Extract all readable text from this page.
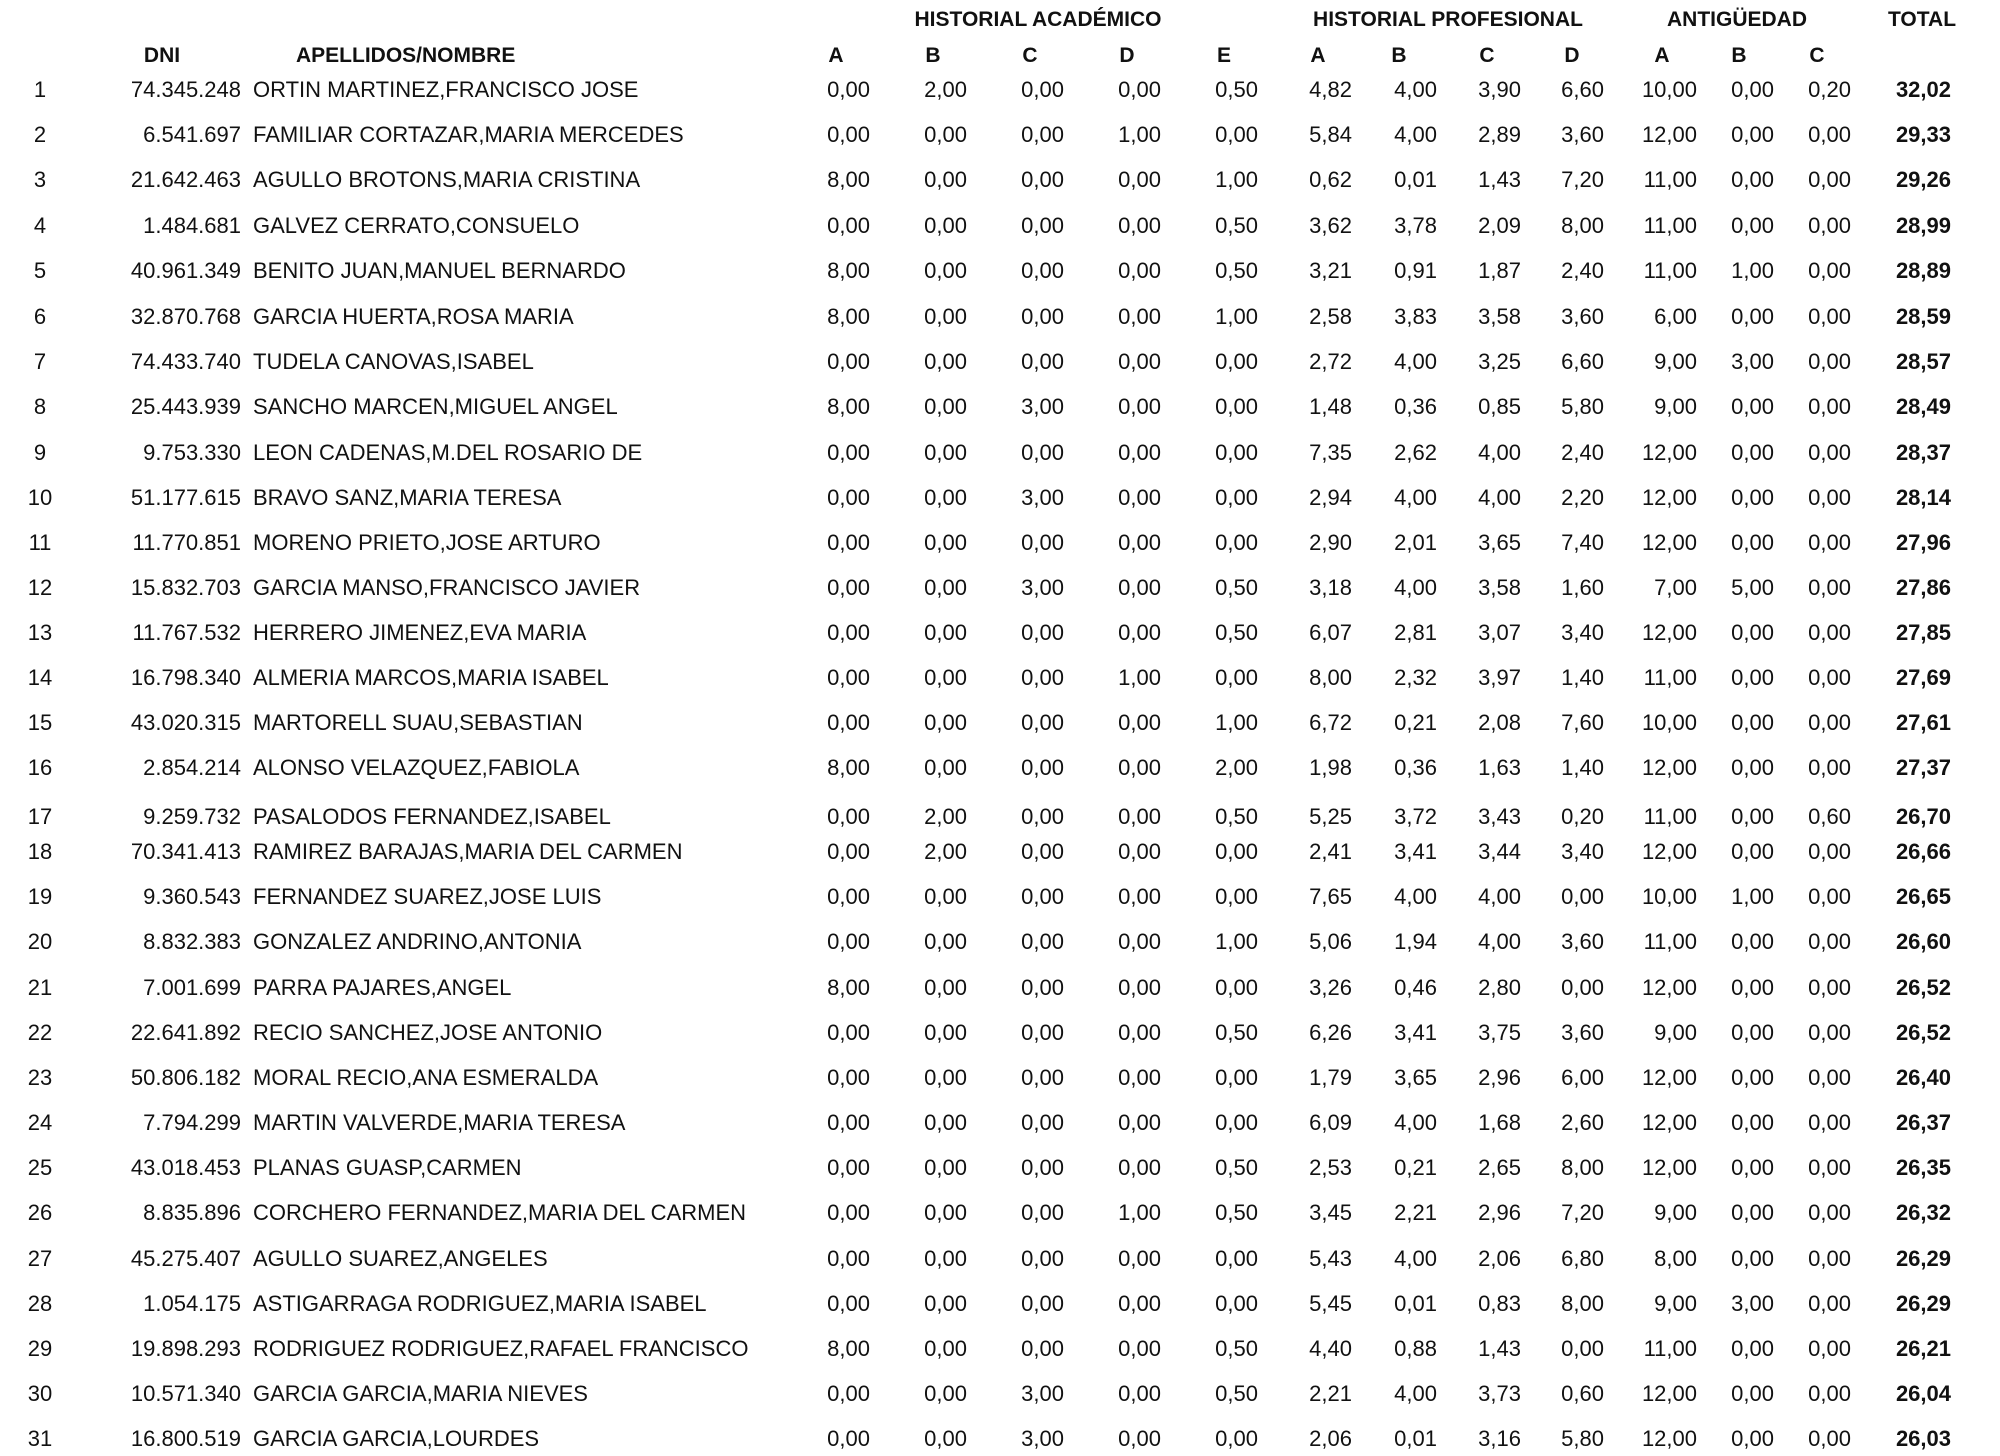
HISTORIAL ACADÉMICO	HISTORIAL PROFESIONAL	ANTIGÜEDAD	TOTAL
DNI	APELLIDOS/NOMBRE	A	B	C	D	E	A	B	C	D	A	B	C
1	74.345.248 ORTIN MARTINEZ,FRANCISCO JOSE	0,00 2,00 0,00 0,00 0,50 4,82 4,00 3,90 6,60 10,00 0,00 0,20 32,02
2	6.541.697 FAMILIAR CORTAZAR,MARIA MERCEDES	0,00 0,00 0,00 1,00 0,00 5,84 4,00 2,89 3,60 12,00 0,00 0,00 29,33
3	21.642.463 AGULLO BROTONS,MARIA CRISTINA	8,00 0,00 0,00 0,00 1,00 0,62 0,01 1,43 7,20 11,00 0,00 0,00 29,26
4	1.484.681 GALVEZ CERRATO,CONSUELO	0,00 0,00 0,00 0,00 0,50 3,62 3,78 2,09 8,00 11,00 0,00 0,00 28,99
5	40.961.349 BENITO JUAN,MANUEL BERNARDO	8,00 0,00 0,00 0,00 0,50 3,21 0,91 1,87 2,40 11,00 1,00 0,00 28,89
6	32.870.768 GARCIA HUERTA,ROSA MARIA	8,00 0,00 0,00 0,00 1,00 2,58 3,83 3,58 3,60 6,00 0,00 0,00 28,59
7	74.433.740 TUDELA CANOVAS,ISABEL	0,00 0,00 0,00 0,00 0,00 2,72 4,00 3,25 6,60 9,00 3,00 0,00 28,57
8	25.443.939 SANCHO MARCEN,MIGUEL ANGEL	8,00 0,00 3,00 0,00 0,00 1,48 0,36 0,85 5,80 9,00 0,00 0,00 28,49
9	9.753.330 LEON CADENAS,M.DEL ROSARIO DE	0,00 0,00 0,00 0,00 0,00 7,35 2,62 4,00 2,40 12,00 0,00 0,00 28,37
10	51.177.615 BRAVO SANZ,MARIA TERESA	0,00 0,00 3,00 0,00 0,00 2,94 4,00 4,00 2,20 12,00 0,00 0,00 28,14
11	11.770.851 MORENO PRIETO,JOSE ARTURO	0,00 0,00 0,00 0,00 0,00 2,90 2,01 3,65 7,40 12,00 0,00 0,00 27,96
12	15.832.703 GARCIA MANSO,FRANCISCO JAVIER	0,00 0,00 3,00 0,00 0,50 3,18 4,00 3,58 1,60 7,00 5,00 0,00 27,86
13	11.767.532 HERRERO JIMENEZ,EVA MARIA	0,00 0,00 0,00 0,00 0,50 6,07 2,81 3,07 3,40 12,00 0,00 0,00 27,85
14	16.798.340 ALMERIA MARCOS,MARIA ISABEL	0,00 0,00 0,00 1,00 0,00 8,00 2,32 3,97 1,40 11,00 0,00 0,00 27,69
15	43.020.315 MARTORELL SUAU,SEBASTIAN	0,00 0,00 0,00 0,00 1,00 6,72 0,21 2,08 7,60 10,00 0,00 0,00 27,61
16	2.854.214 ALONSO VELAZQUEZ,FABIOLA	8,00 0,00 0,00 0,00 2,00 1,98 0,36 1,63 1,40 12,00 0,00 0,00 27,37
17	9.259.732 PASALODOS FERNANDEZ,ISABEL	0,00 2,00 0,00 0,00 0,50 5,25 3,72 3,43 0,20 11,00 0,00 0,60 26,70
18	70.341.413 RAMIREZ BARAJAS,MARIA DEL CARMEN	0,00 2,00 0,00 0,00 0,00 2,41 3,41 3,44 3,40 12,00 0,00 0,00 26,66
19	9.360.543 FERNANDEZ SUAREZ,JOSE LUIS	0,00 0,00 0,00 0,00 0,00 7,65 4,00 4,00 0,00 10,00 1,00 0,00 26,65
20	8.832.383 GONZALEZ ANDRINO,ANTONIA	0,00 0,00 0,00 0,00 1,00 5,06 1,94 4,00 3,60 11,00 0,00 0,00 26,60
21	7.001.699 PARRA PAJARES,ANGEL	8,00 0,00 0,00 0,00 0,00 3,26 0,46 2,80 0,00 12,00 0,00 0,00 26,52
22	22.641.892 RECIO SANCHEZ,JOSE ANTONIO	0,00 0,00 0,00 0,00 0,50 6,26 3,41 3,75 3,60 9,00 0,00 0,00 26,52
23	50.806.182 MORAL RECIO,ANA ESMERALDA	0,00 0,00 0,00 0,00 0,00 1,79 3,65 2,96 6,00 12,00 0,00 0,00 26,40
24	7.794.299 MARTIN VALVERDE,MARIA TERESA	0,00 0,00 0,00 0,00 0,00 6,09 4,00 1,68 2,60 12,00 0,00 0,00 26,37
25	43.018.453 PLANAS GUASP,CARMEN	0,00 0,00 0,00 0,00 0,50 2,53 0,21 2,65 8,00 12,00 0,00 0,00 26,35
26	8.835.896 CORCHERO FERNANDEZ,MARIA DEL CARMEN	0,00 0,00 0,00 1,00 0,50 3,45 2,21 2,96 7,20 9,00 0,00 0,00 26,32
27	45.275.407 AGULLO SUAREZ,ANGELES	0,00 0,00 0,00 0,00 0,00 5,43 4,00 2,06 6,80 8,00 0,00 0,00 26,29
28	1.054.175 ASTIGARRAGA RODRIGUEZ,MARIA ISABEL	0,00 0,00 0,00 0,00 0,00 5,45 0,01 0,83 8,00 9,00 3,00 0,00 26,29
29	19.898.293 RODRIGUEZ RODRIGUEZ,RAFAEL FRANCISCO	8,00 0,00 0,00 0,00 0,50 4,40 0,88 1,43 0,00 11,00 0,00 0,00 26,21
30	10.571.340 GARCIA GARCIA,MARIA NIEVES	0,00 0,00 3,00 0,00 0,50 2,21 4,00 3,73 0,60 12,00 0,00 0,00 26,04
31	16.800.519 GARCIA GARCIA,LOURDES	0,00 0,00 3,00 0,00 0,00 2,06 0,01 3,16 5,80 12,00 0,00 0,00 26,03
